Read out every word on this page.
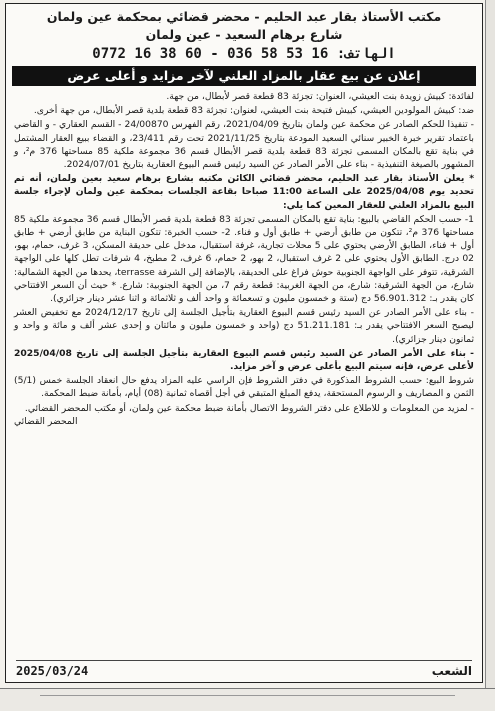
مكتب الأستاذ بقار عبد الحليم - محضر قضائي بمحكمة عين ولمان
شارع برهام السعيد - عين ولمان
الهاتف: 0772 16 38 60 - 036 58 53 16
إعلان عن بيع عقار بالمزاد العلني لآخر مزايد و أعلى عرض

لفائدة: كبيش زويدة بنت العيشي، العنوان: تجزئة 83 قطعة قصر لأبطال، من جهة.

ضد: كبيش المولودين العيشي، كبيش فتيحة بنت العيشي، لعنوان: تجزئة 83 قطعة بلدية قصر الأبطال، من جهة أخرى.

- تنفيذا للحكم الصادر عن محكمة عين ولمان بتاريخ 2021/04/09، رقم الفهرس 24/00870 - القسم العقاري - و القاضي باعتماد تقرير خبرة الخبير سنائي السعيد المودعة بتاريخ 2021/11/25 تحت رقم 23/411، و القضاء ببيع العقار المشتمل في بناية تقع بالمكان المسمى تجزئة 83 قطعة بلدية قصر الأبطال قسم 36 مجموعة ملكية 85 مساحتها 376 م²، و المشهور بالصيغة التنفيذية - بناء على الأمر الصادر عن السيد رئيس قسم البيوع العقارية بتاريخ 2024/07/01.

* يعلن الأستاذ بقار عبد الحليم، محضر قضائي الكائن مكتبه بشارع برهام سعيد بعين ولمان، أنه تم تحديد يوم 2025/04/08 على الساعة 11:00 صباحا بقاعة الجلسات بمحكمة عين ولمان لإجراء جلسة البيع بالمزاد العلني للعقار المعين كما يلي:

1- حسب الحكم القاضي بالبيع: بناية تقع بالمكان المسمى تجزئة 83 قطعة بلدية قصر الأبطال قسم 36 مجموعة ملكية 85 مساحتها 376 م²، تتكون من طابق أرضي + طابق أول و فناء. 2- حسب الخبرة: تتكون البناية من طابق أرضي + طابق أول + فناء، الطابق الأرضي يحتوي على 5 محلات تجارية، غرفة استقبال، مدخل على حديقة المسكن، 3 غرف، حمام، بهو، 02 درج. الطابق الأول يحتوي على 2 غرف استقبال، 2 بهو، 2 حمام، 6 غرف، 2 مطبخ، 4 شرفات تطل كلها على الواجهة الشرقية، تتوفر على الواجهة الجنوبية حوش فراغ على الحديقة، بالإضافة إلى الشرفة terrasse، يحدها من الجهة الشمالية: شارع، من الجهة الشرقية: شارع، من الجهة الغربية: قطعة رقم 7، من الجهة الجنوبية: شارع. * حيث أن السعر الافتتاحي كان يقدر بـ: 56.901.312 دج (ستة و خمسون مليون و تسعمائة و واحد ألف و ثلاثمائة و اثنا عشر دينار جزائري).

- بناء على الأمر الصادر عن السيد رئيس قسم البيوع العقارية بتأجيل الجلسة إلى تاريخ 2024/12/17 مع تخفيض العشر ليصبح السعر الافتتاحي يقدر بـ: 51.211.181 دج (واحد و خمسون مليون و مائتان و إحدى عشر ألف و مائة و واحد و ثمانون دينار جزائري).

- بناء على الأمر الصادر عن السيد رئيس قسم البيوع العقارية بتأجيل الجلسة إلى تاريخ 2025/04/08 لأعلى عرض، فإنه سيتم البيع بأعلى عرض و آخر مزايد.

شروط البيع: حسب الشروط المذكورة في دفتر الشروط فإن الراسي عليه المزاد يدفع حال انعقاد الجلسة خمس (5/1) الثمن و المصاريف و الرسوم المستحقة، يدفع المبلغ المتبقي في أجل أقصاه ثمانية (08) أيام، بأمانة ضبط المحكمة.

- لمزيد من المعلومات و للاطلاع على دفتر الشروط الاتصال بأمانة ضبط محكمة عين ولمان، أو مكتب المحضر القضائي.
المحضر القضائي
الشعب
2025/03/24
